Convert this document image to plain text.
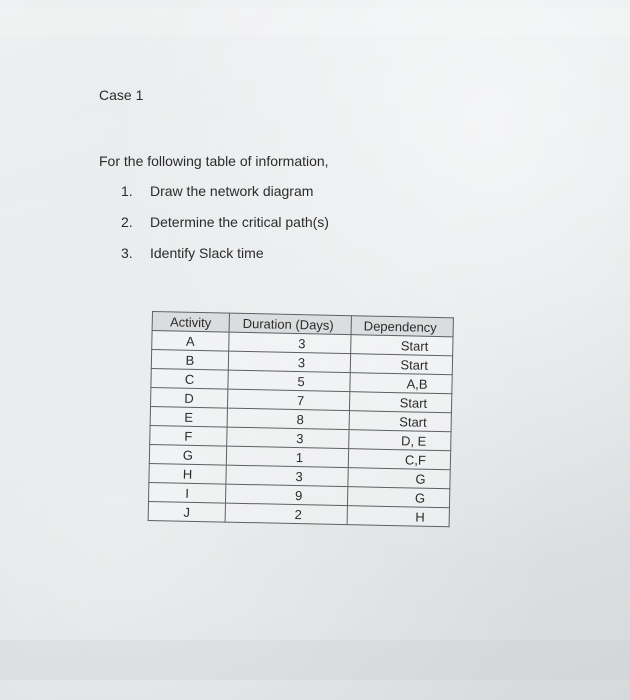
Case 1

For the following table of information,

1.	Draw the network diagram
2.	Determine the critical path(s)
3.	Identify Slack time
Activity	Duration (Days)	Dependency
A	3	Start
B	3	Start
C	5	A,B
D	7	Start
E	8	Start
F	3	D, E
G	1	C,F
H	3	G
I	9	G
J	2	H
